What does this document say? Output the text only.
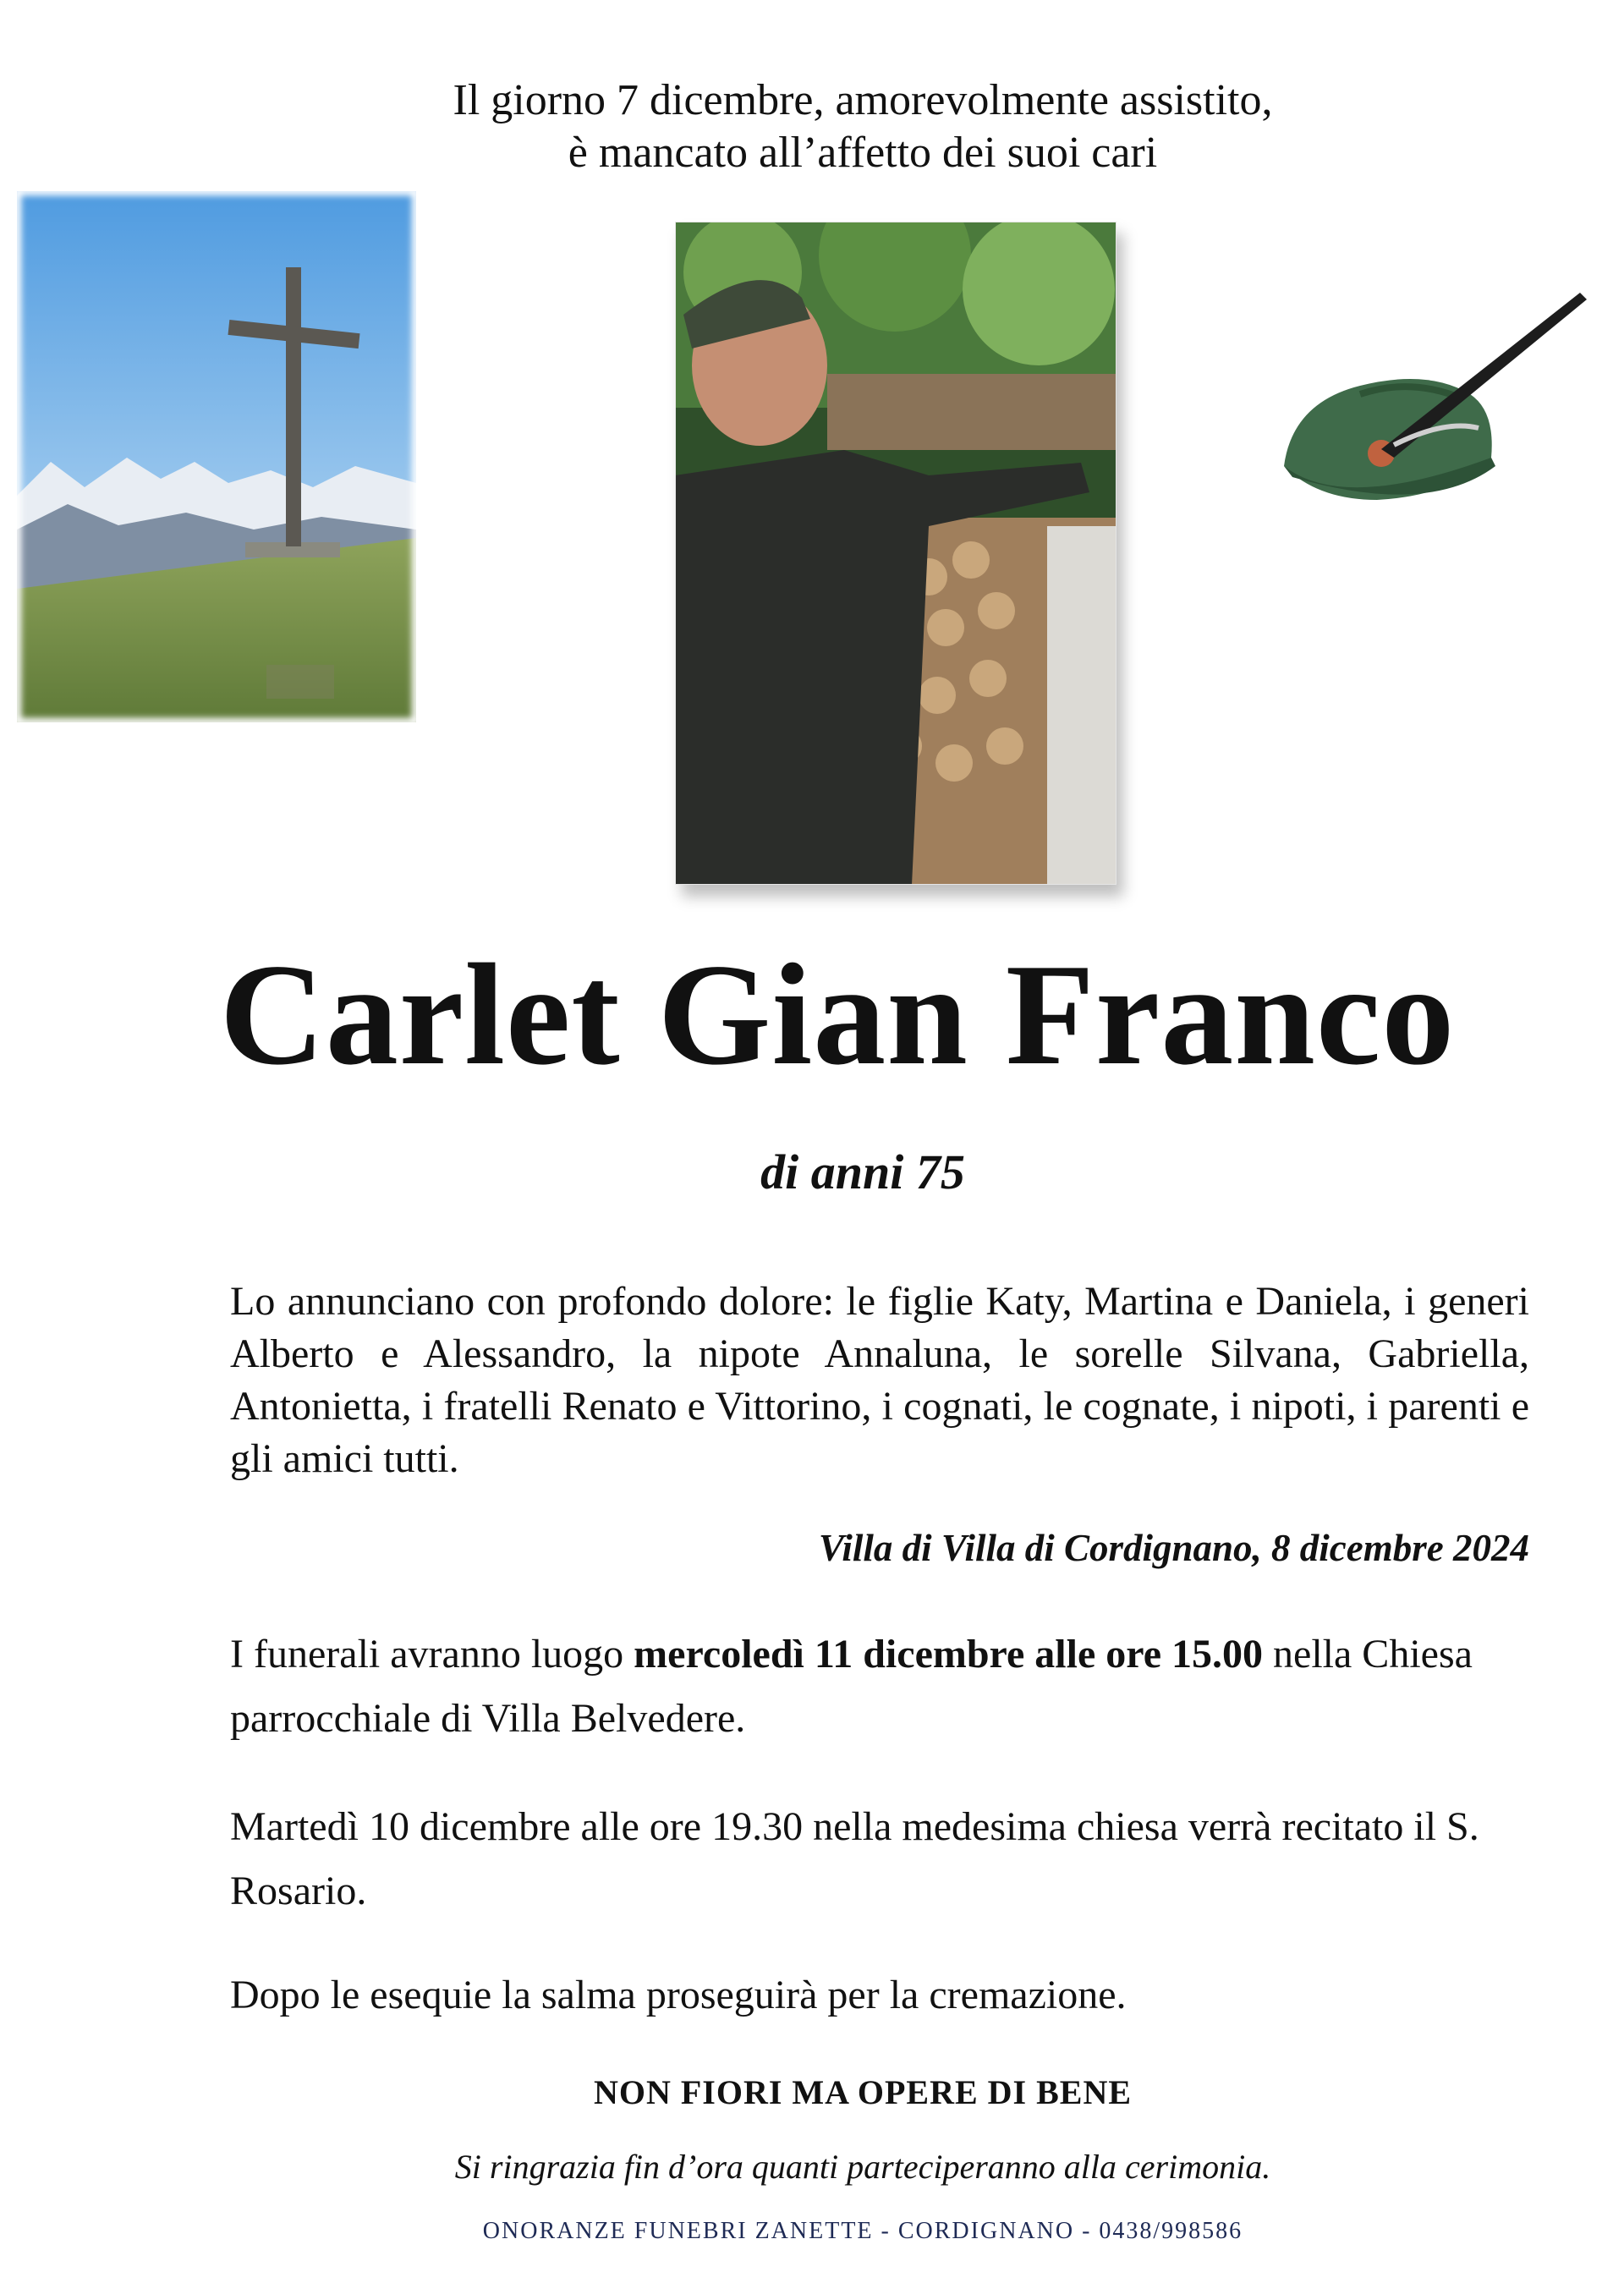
Il giorno 7 dicembre, amorevolmente assistito,
è mancato all’affetto dei suoi cari
Carlet Gian Franco
di anni 75
Lo annunciano con profondo dolore: le figlie Katy, Martina e Daniela, i generi Alberto e Alessandro, la nipote Annaluna, le sorelle Silvana, Gabriella, Antonietta, i fratelli Renato e Vittorino, i cognati, le cognate, i nipoti, i parenti e gli amici tutti.
Villa di Villa di Cordignano, 8 dicembre 2024
I funerali avranno luogo mercoledì 11 dicembre alle ore 15.00 nella Chiesa parrocchiale di Villa Belvedere.
Martedì 10 dicembre alle ore 19.30 nella medesima chiesa verrà recitato il S. Rosario.
Dopo le esequie la salma proseguirà per la cremazione.
NON FIORI MA OPERE DI BENE
Si ringrazia fin d’ora quanti parteciperanno alla cerimonia.
ONORANZE FUNEBRI ZANETTE - CORDIGNANO - 0438/998586
